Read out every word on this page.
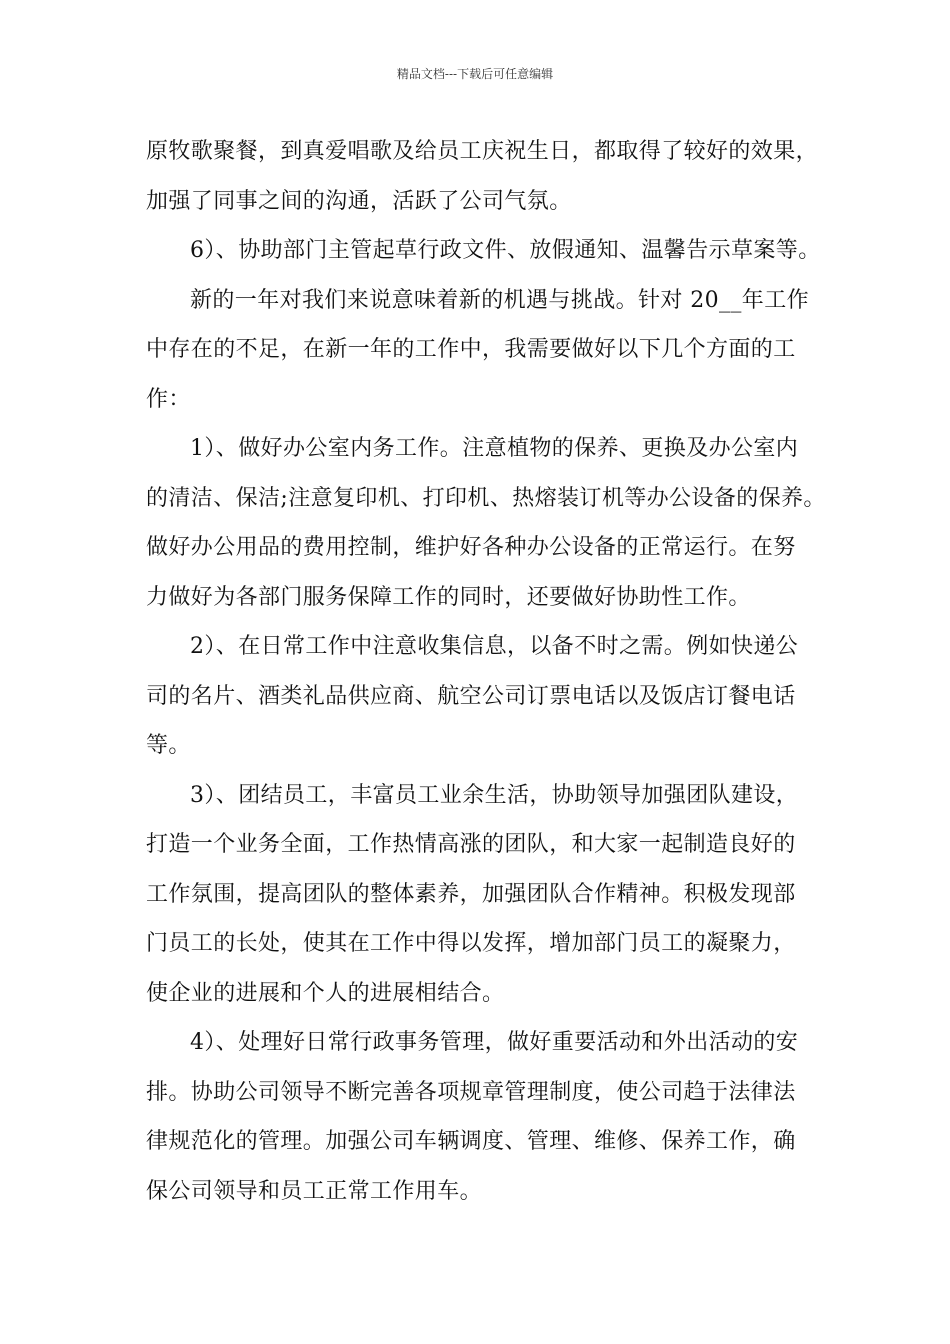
精品文档---下载后可任意编辑
原牧歌聚餐，到真爱唱歌及给员工庆祝生日，都取得了较好的效果，
加强了同事之间的沟通，活跃了公司气氛。
6）、协助部门主管起草行政文件、放假通知、温馨告示草案等。
新的一年对我们来说意味着新的机遇与挑战。针对 20__年工作
中存在的不足，在新一年的工作中，我需要做好以下几个方面的工
作：
1）、做好办公室内务工作。注意植物的保养、更换及办公室内
的清洁、保洁;注意复印机、打印机、热熔装订机等办公设备的保养。
做好办公用品的费用控制，维护好各种办公设备的正常运行。在努
力做好为各部门服务保障工作的同时，还要做好协助性工作。
2）、在日常工作中注意收集信息，以备不时之需。例如快递公
司的名片、酒类礼品供应商、航空公司订票电话以及饭店订餐电话
等。
3）、团结员工，丰富员工业余生活，协助领导加强团队建设，
打造一个业务全面，工作热情高涨的团队，和大家一起制造良好的
工作氛围，提高团队的整体素养，加强团队合作精神。积极发现部
门员工的长处，使其在工作中得以发挥，增加部门员工的凝聚力，
使企业的进展和个人的进展相结合。
4）、处理好日常行政事务管理，做好重要活动和外出活动的安
排。协助公司领导不断完善各项规章管理制度，使公司趋于法律法
律规范化的管理。加强公司车辆调度、管理、维修、保养工作，确
保公司领导和员工正常工作用车。
